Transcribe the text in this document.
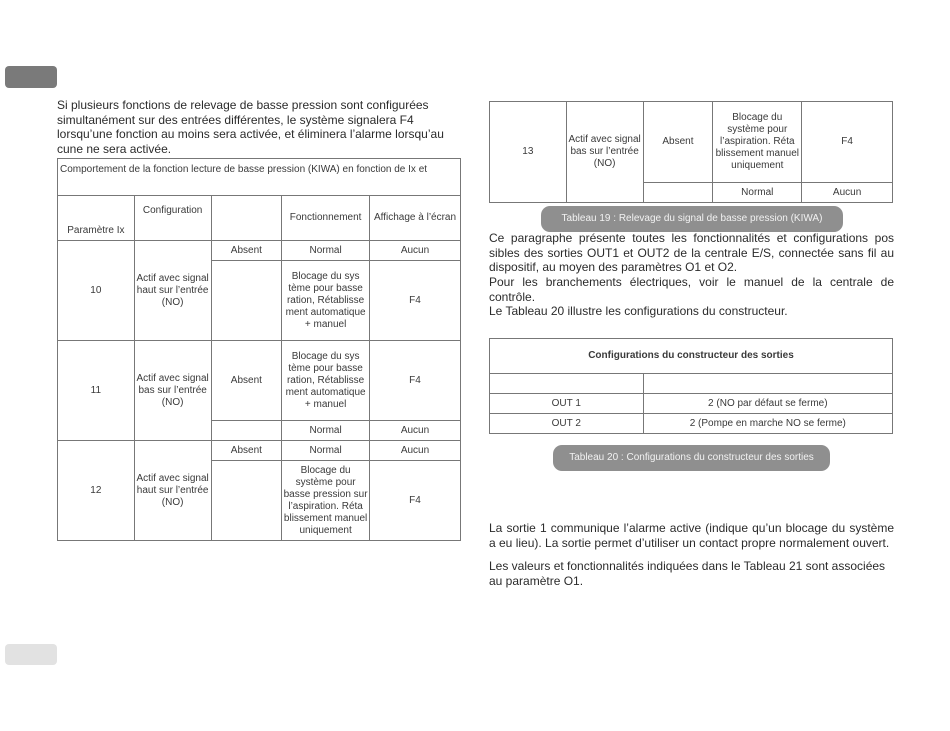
Si plusieurs fonctions de relevage de basse pression sont configurées simultanément sur des entrées différentes, le système signalera F4 lorsqu’une fonction au moins sera activée, et éliminera l’alarme lorsqu’au cune ne sera activée.
Comportement de la fonction lecture de basse pression (KIWA) en fonction de Ix et				
Paramètre Ix	Configuration		Fonctionnement	Affichage à l’écran
10	Actif avec signal haut sur l’entrée (NO)	Absent	Normal	Aucun
			Blocage du sys tème pour basse ration, Rétablisse ment automatique + manuel	F4
11	Actif avec signal bas sur l’entrée (NO)	Absent	Blocage du sys tème pour basse ration, Rétablisse ment automatique + manuel	F4
			Normal	Aucun
12	Actif avec signal haut sur l’entrée (NO)	Absent	Normal	Aucun
			Blocage du système pour basse pression sur l’aspiration. Réta blissement manuel uniquement	F4
13	Actif avec signal bas sur l’entrée (NO)	Absent	Blocage du système pour l’aspiration. Réta blissement manuel uniquement	F4
			Normal	Aucun
Tableau 19 : Relevage du signal de basse pression (KIWA)
Ce paragraphe présente toutes les fonctionnalités et configurations pos sibles des sorties OUT1 et OUT2 de la centrale E/S, connectée sans fil au dispositif, au moyen des paramètres O1 et O2.
Pour les branchements électriques, voir le manuel de la centrale de contrôle.
Le Tableau 20 illustre les configurations du constructeur.
Configurations du constructeur des sorties	

OUT 1	2 (NO par défaut se ferme)
OUT 2	2 (Pompe en marche NO se ferme)
Tableau 20 : Configurations du constructeur des sorties
La sortie 1 communique l’alarme active (indique qu’un blocage du système a eu lieu). La sortie permet d’utiliser un contact propre normalement ouvert.
Les valeurs et fonctionnalités indiquées dans le Tableau 21 sont associées au paramètre O1.
